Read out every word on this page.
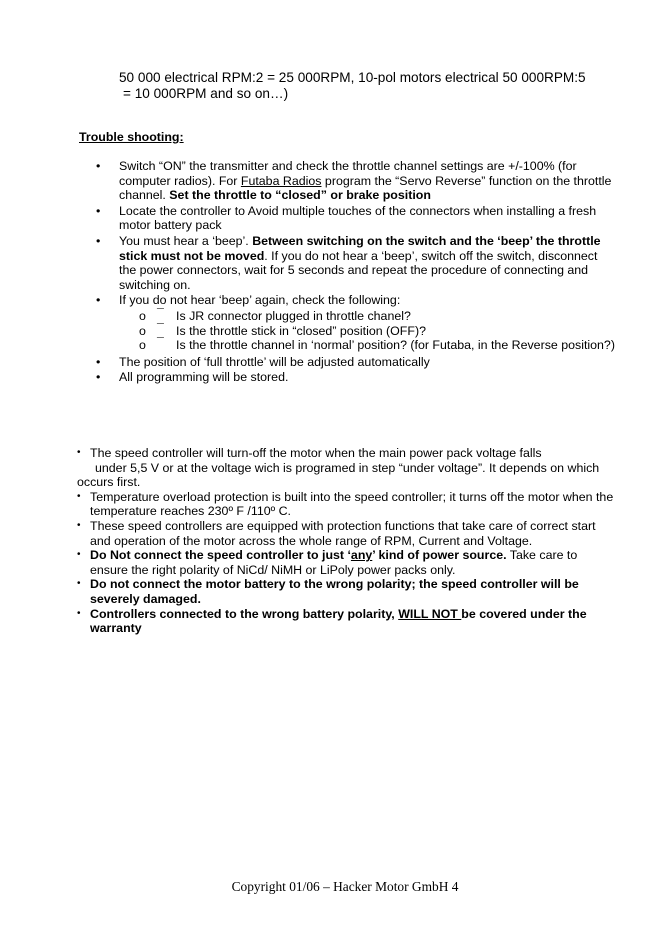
50 000 electrical RPM:2 = 25 000RPM, 10-pol motors electrical 50 000RPM:5
= 10 000RPM and so on…)
Trouble shooting:
•	Switch “ON” the transmitter and check the throttle channel settings are +/-100% (for computer radios). For Futaba Radios program the “Servo Reverse” function on the throttle channel. Set the throttle to “closed” or brake position
•	Locate the controller to Avoid multiple touches of the connectors when installing a fresh motor battery pack
•	You must hear a ‘beep’. Between switching on the switch and the ‘beep’ the throttle stick must not be moved. If you do not hear a ‘beep’, switch off the switch, disconnect the power connectors, wait for 5 seconds and repeat the procedure of connecting and switching on.
•	If you do not hear ‘beep’ again, check the following:
o ¯ Is JR connector plugged in throttle chanel?
o ¯ Is the throttle stick in “closed” position (OFF)?
o ¯ Is the throttle channel in ‘normal’ position? (for Futaba, in the Reverse position?)
•	The position of ‘full throttle’ will be adjusted automatically
•	All programming will be stored.
• The speed controller will turn-off the motor when the main power pack voltage falls
under 5,5 V or at the voltage wich is programed in step “under voltage”. It depends on which occurs first.
• Temperature overload protection is built into the speed controller; it turns off the motor when the temperature reaches 230º F /110º C.
• These speed controllers are equipped with protection functions that take care of correct start and operation of the motor across the whole range of RPM, Current and Voltage.
• Do Not connect the speed controller to just ‘any’ kind of power source. Take care to ensure the right polarity of NiCd/ NiMH or LiPoly power packs only.
• Do not connect the motor battery to the wrong polarity; the speed controller will be severely damaged.
• Controllers connected to the wrong battery polarity, WILL NOT be covered under the warranty
Copyright 01/06 – Hacker Motor GmbH 4
